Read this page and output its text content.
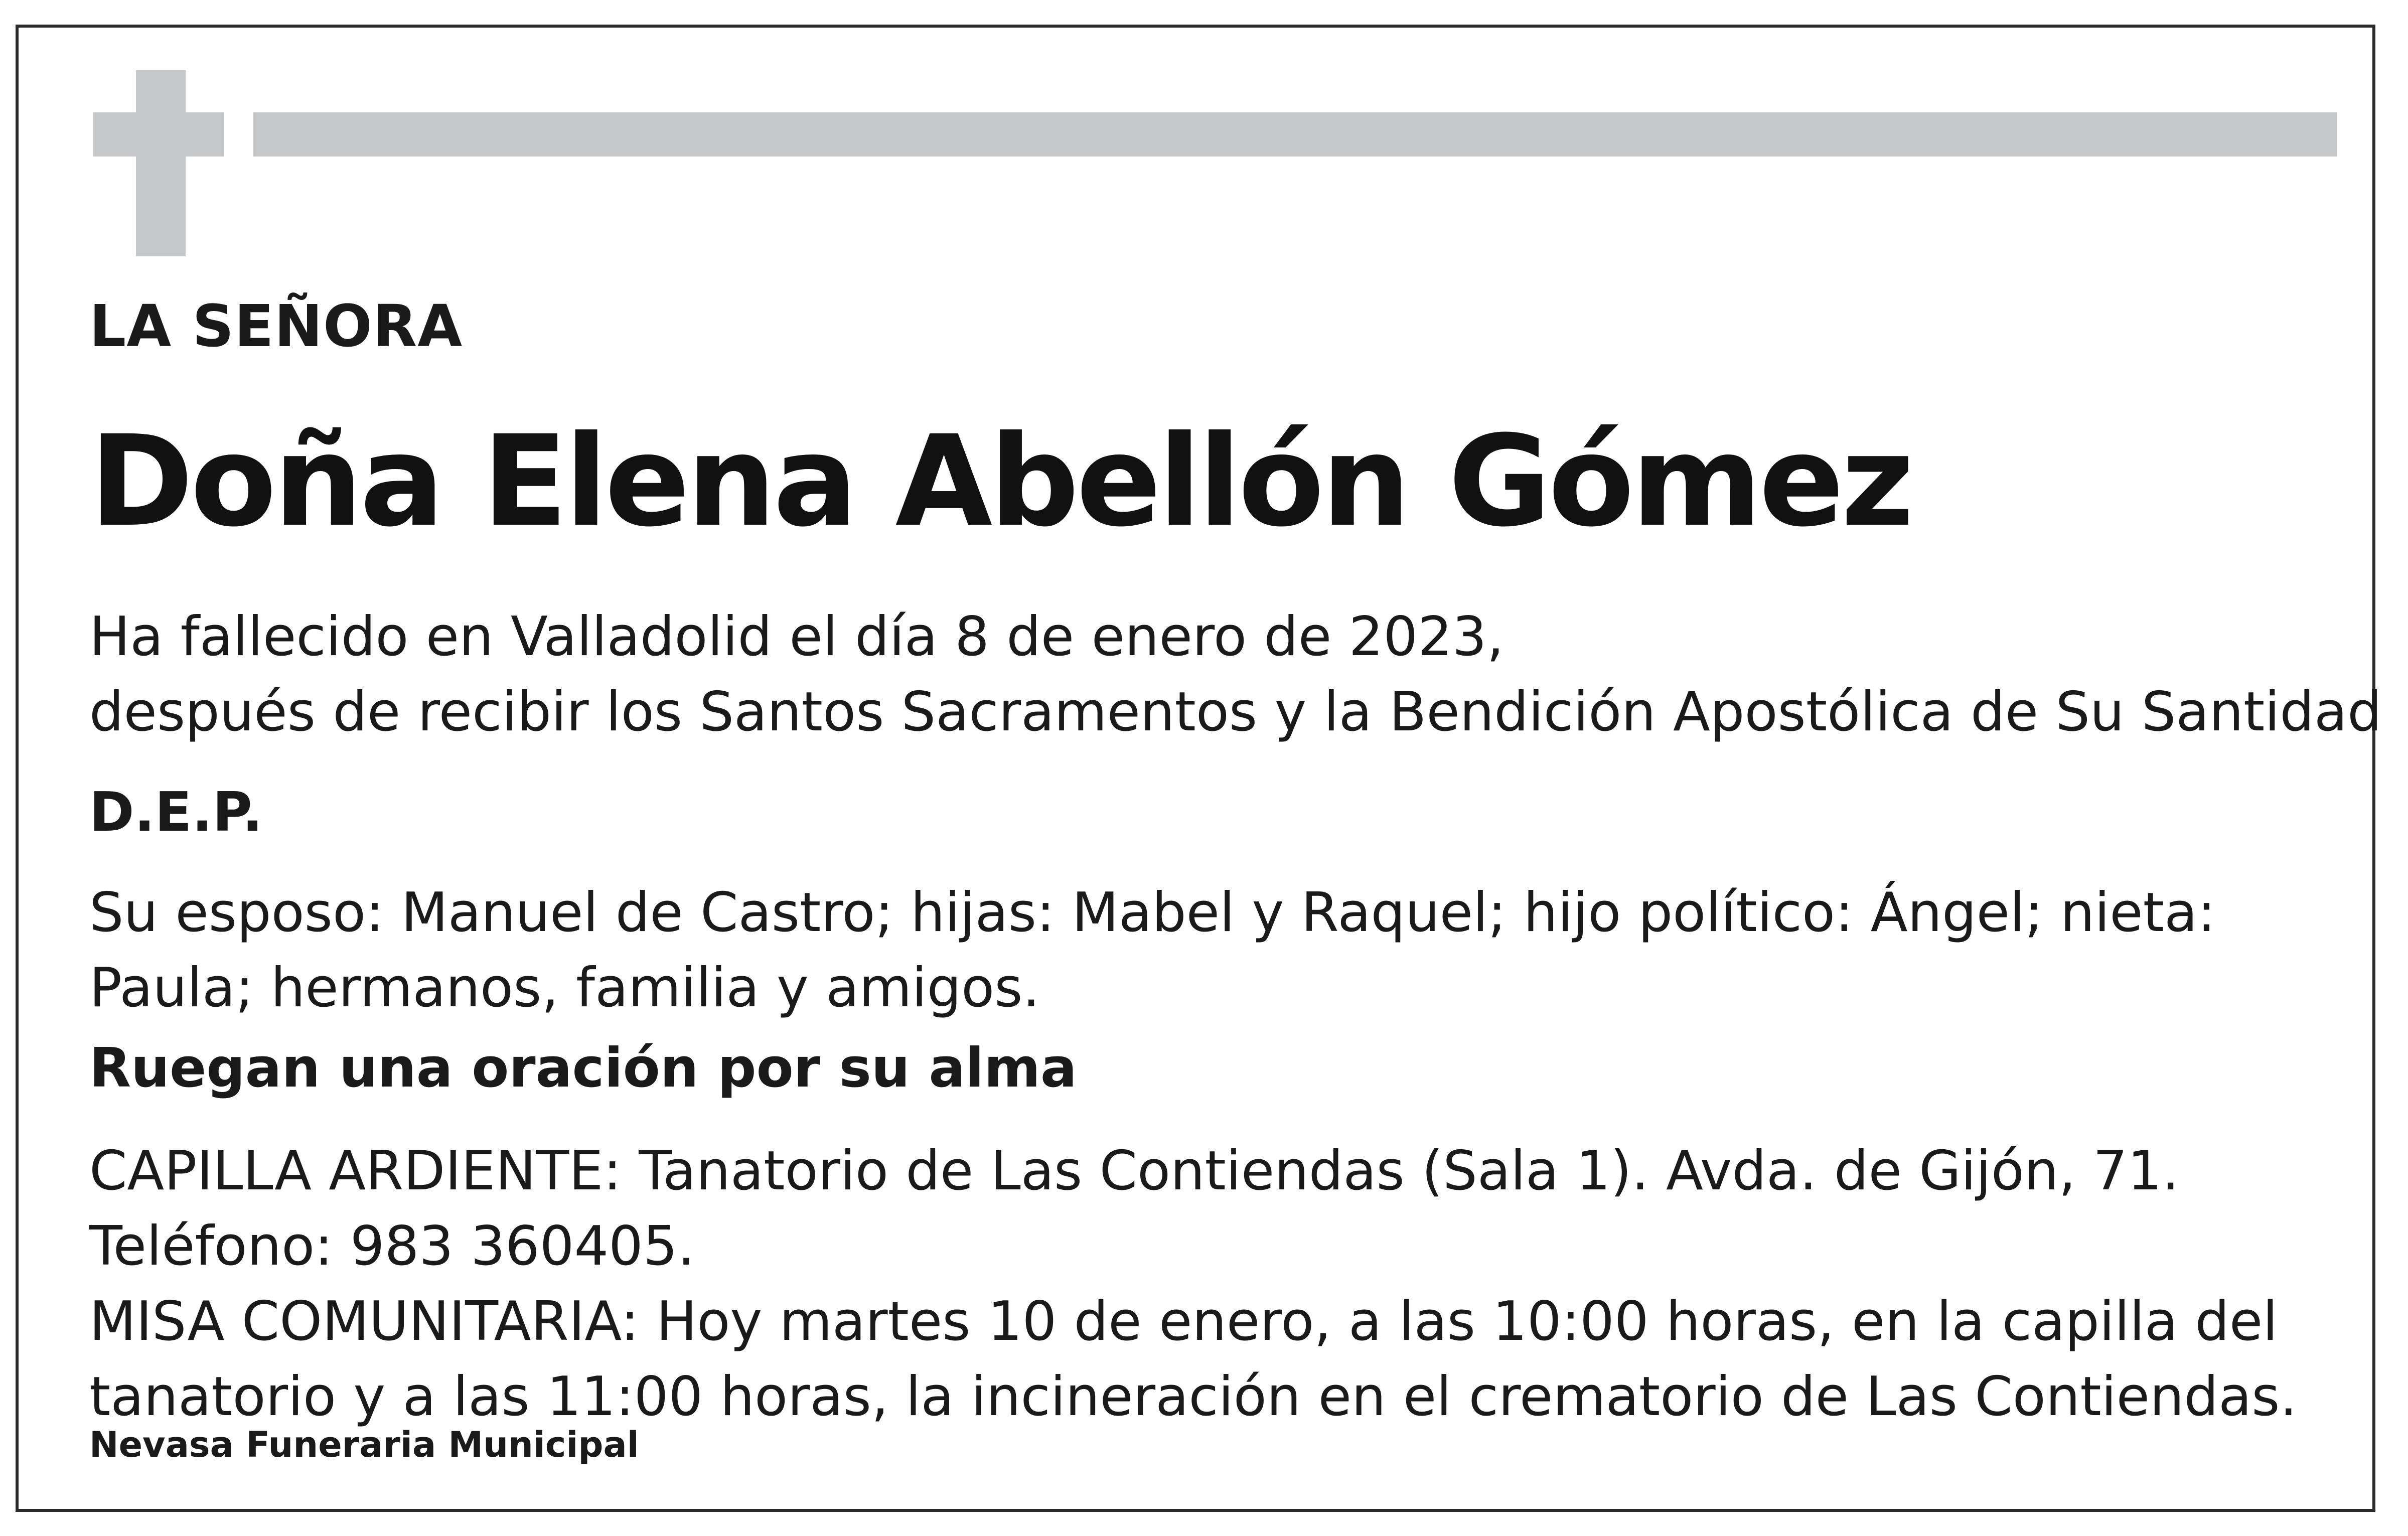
LA SEÑORA

Doña Elena Abellón Gómez

Ha fallecido en Valladolid el día 8 de enero de 2023,
después de recibir los Santos Sacramentos y la Bendición Apostólica de Su Santidad

D.E.P.

Su esposo: Manuel de Castro; hijas: Mabel y Raquel; hijo político: Ángel; nieta:
Paula; hermanos, familia y amigos.

Ruegan una oración por su alma

CAPILLA ARDIENTE: Tanatorio de Las Contiendas (Sala 1). Avda. de Gijón, 71.
Teléfono: 983 360405.
MISA COMUNITARIA: Hoy martes 10 de enero, a las 10:00 horas, en la capilla del
tanatorio y a las 11:00 horas, la incineración en el crematorio de Las Contiendas.

Nevasa Funeraria Municipal
